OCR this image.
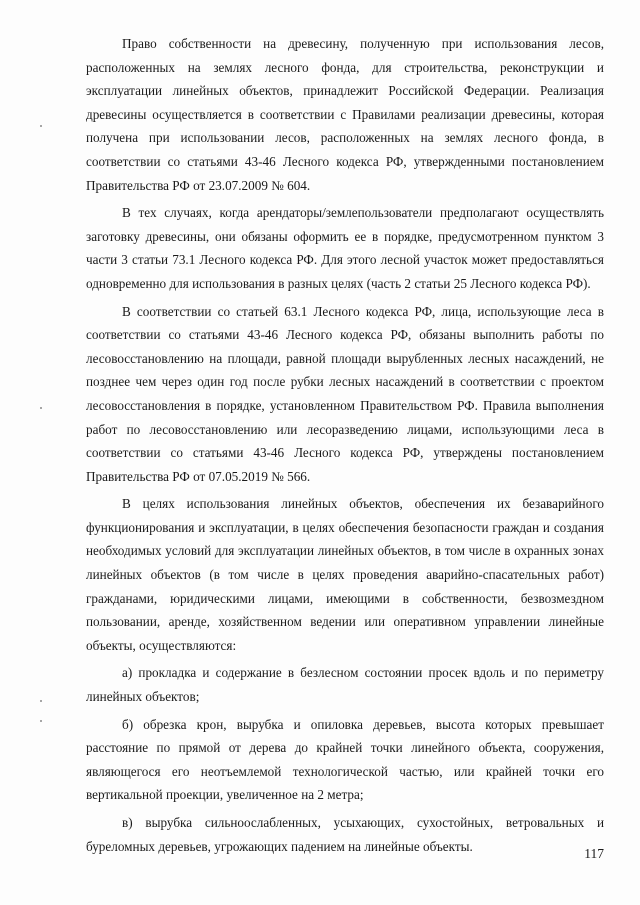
Право собственности на древесину, полученную при использования лесов, расположенных на землях лесного фонда, для строительства, реконструкции и эксплуатации линейных объектов, принадлежит Российской Федерации. Реализация древесины осуществляется в соответствии с Правилами реализации древесины, которая получена при использовании лесов, расположенных на землях лесного фонда, в соответствии со статьями 43-46 Лесного кодекса РФ, утвержденными постановлением Правительства РФ от 23.07.2009 № 604.

В тех случаях, когда арендаторы/землепользователи предполагают осуществлять заготовку древесины, они обязаны оформить ее в порядке, предусмотренном пунктом 3 части 3 статьи 73.1 Лесного кодекса РФ. Для этого лесной участок может предоставляться одновременно для использования в разных целях (часть 2 статьи 25 Лесного кодекса РФ).

В соответствии со статьей 63.1 Лесного кодекса РФ, лица, использующие леса в соответствии со статьями 43-46 Лесного кодекса РФ, обязаны выполнить работы по лесовосстановлению на площади, равной площади вырубленных лесных насаждений, не позднее чем через один год после рубки лесных насаждений в соответствии с проектом лесовосстановления в порядке, установленном Правительством РФ. Правила выполнения работ по лесовосстановлению или лесоразведению лицами, использующими леса в соответствии со статьями 43-46 Лесного кодекса РФ, утверждены постановлением Правительства РФ от 07.05.2019 № 566.

В целях использования линейных объектов, обеспечения их безаварийного функционирования и эксплуатации, в целях обеспечения безопасности граждан и создания необходимых условий для эксплуатации линейных объектов, в том числе в охранных зонах линейных объектов (в том числе в целях проведения аварийно-спасательных работ) гражданами, юридическими лицами, имеющими в собственности, безвозмездном пользовании, аренде, хозяйственном ведении или оперативном управлении линейные объекты, осуществляются:

а) прокладка и содержание в безлесном состоянии просек вдоль и по периметру линейных объектов;

б) обрезка крон, вырубка и опиловка деревьев, высота которых превышает расстояние по прямой от дерева до крайней точки линейного объекта, сооружения, являющегося его неотъемлемой технологической частью, или крайней точки его вертикальной проекции, увеличенное на 2 метра;

в) вырубка сильноослабленных, усыхающих, сухостойных, ветровальных и буреломных деревьев, угрожающих падением на линейные объекты.	117
